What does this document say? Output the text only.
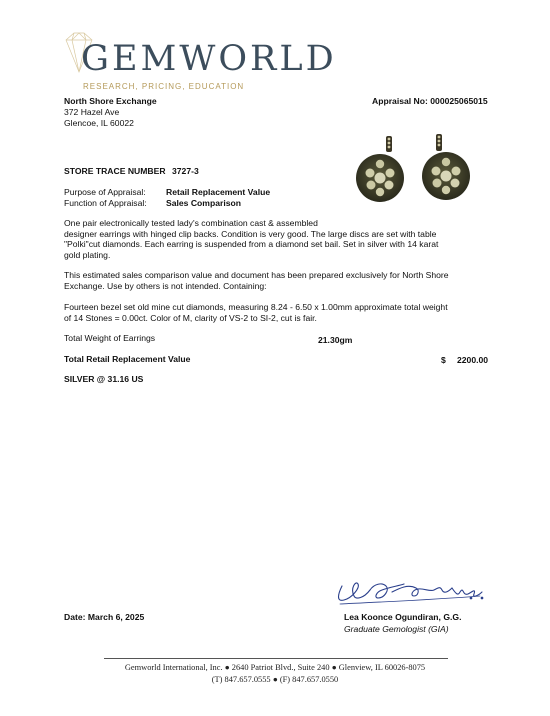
GEMWORLD
RESEARCH, PRICING, EDUCATION
North Shore Exchange
372 Hazel Ave
Glencoe, IL 60022
Appraisal No: 000025065015
STORE TRACE NUMBER 3727-3
Purpose of Appraisal: Retail Replacement Value
Function of Appraisal: Sales Comparison
One pair electronically tested lady's combination cast & assembled
designer earrings with hinged clip backs. Condition is very good. The large discs are set with table
"Polki"cut diamonds. Each earring is suspended from a diamond set bail. Set in silver with 14 karat
gold plating.
This estimated sales comparison value and document has been prepared exclusively for North Shore
Exchange. Use by others is not intended. Containing:
Fourteen bezel set old mine cut diamonds, measuring 8.24 - 6.50 x 1.00mm approximate total weight
of 14 Stones = 0.00ct. Color of M, clarity of VS-2 to SI-2, cut is fair.
Total Weight of Earrings	21.30gm
Total Retail Replacement Value	$ 2200.00
SILVER @ 31.16 US
Date: March 6, 2025	Lea Koonce Ogundiran, G.G.
Graduate Gemologist (GIA)
Gemworld International, Inc. ● 2640 Patriot Blvd., Suite 240 ● Glenview, IL 60026-8075
(T) 847.657.0555 ● (F) 847.657.0550
